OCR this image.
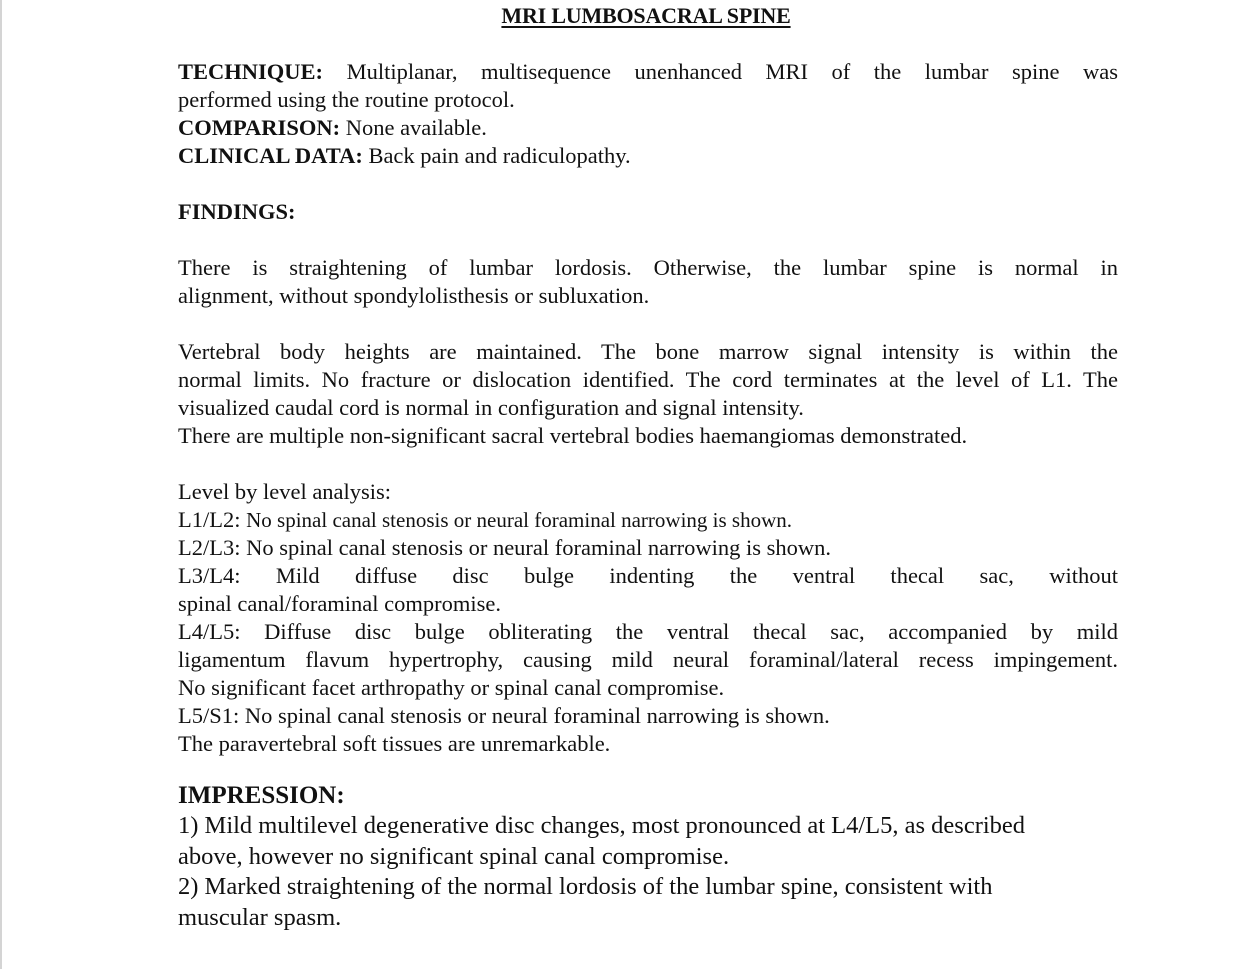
MRI LUMBOSACRAL SPINE

TECHNIQUE: Multiplanar, multisequence unenhanced MRI of the lumbar spine was

performed using the routine protocol.

COMPARISON: None available.

CLINICAL DATA: Back pain and radiculopathy.

FINDINGS:

There is straightening of lumbar lordosis. Otherwise, the lumbar spine is normal in

alignment, without spondylolisthesis or subluxation.

Vertebral body heights are maintained. The bone marrow signal intensity is within the

normal limits. No fracture or dislocation identified. The cord terminates at the level of L1. The

visualized caudal cord is normal in configuration and signal intensity.

There are multiple non-significant sacral vertebral bodies haemangiomas demonstrated.

Level by level analysis:

L1/L2: No spinal canal stenosis or neural foraminal narrowing is shown.

L2/L3: No spinal canal stenosis or neural foraminal narrowing is shown.

L3/L4: Mild diffuse disc bulge indenting the ventral thecal sac, without

spinal canal/foraminal compromise.

L4/L5: Diffuse disc bulge obliterating the ventral thecal sac, accompanied by mild

ligamentum flavum hypertrophy, causing mild neural foraminal/lateral recess impingement.

No significant facet arthropathy or spinal canal compromise.

L5/S1: No spinal canal stenosis or neural foraminal narrowing is shown.

The paravertebral soft tissues are unremarkable.

IMPRESSION:

1) Mild multilevel degenerative disc changes, most pronounced at L4/L5, as described

above, however no significant spinal canal compromise.

2) Marked straightening of the normal lordosis of the lumbar spine, consistent with

muscular spasm.
